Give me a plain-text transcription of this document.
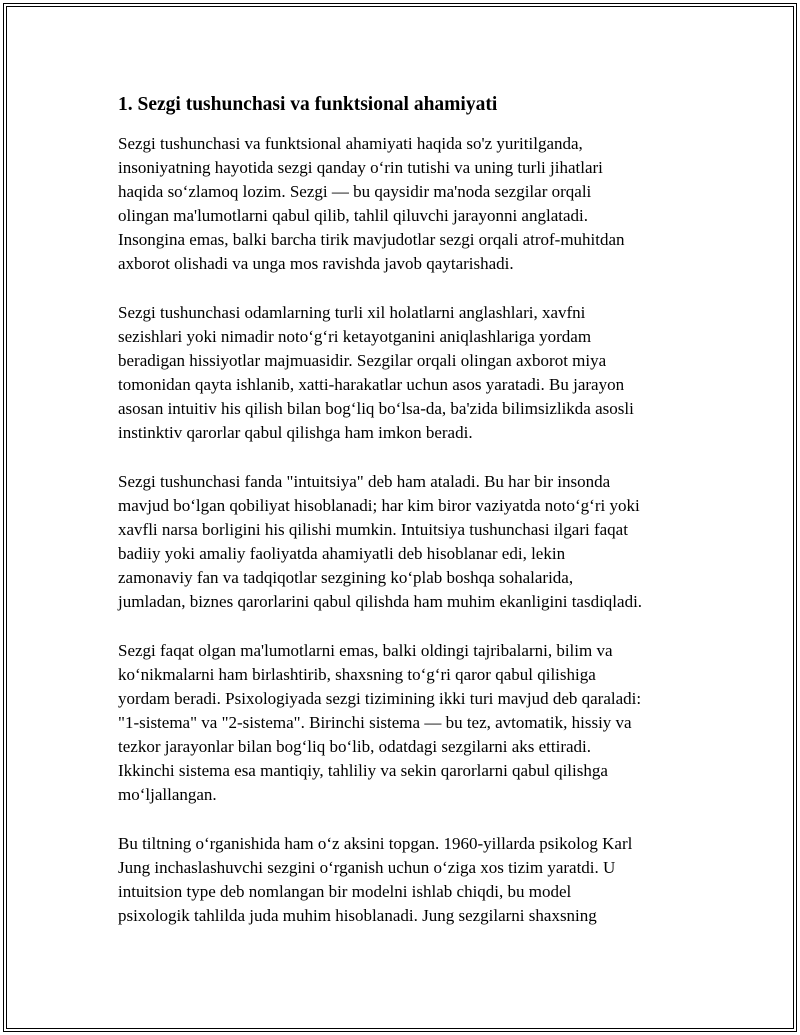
1. Sezgi tushunchasi va funktsional ahamiyati
Sezgi tushunchasi va funktsional ahamiyati haqida so'z yuritilganda,
insoniyatning hayotida sezgi qanday oʻrin tutishi va uning turli jihatlari
haqida soʻzlamoq lozim. Sezgi — bu qaysidir ma'noda sezgilar orqali
olingan ma'lumotlarni qabul qilib, tahlil qiluvchi jarayonni anglatadi.
Insongina emas, balki barcha tirik mavjudotlar sezgi orqali atrof-muhitdan
axborot olishadi va unga mos ravishda javob qaytarishadi.
Sezgi tushunchasi odamlarning turli xil holatlarni anglashlari, xavfni
sezishlari yoki nimadir notoʻgʻri ketayotganini aniqlashlariga yordam
beradigan hissiyotlar majmuasidir. Sezgilar orqali olingan axborot miya
tomonidan qayta ishlanib, xatti-harakatlar uchun asos yaratadi. Bu jarayon
asosan intuitiv his qilish bilan bogʻliq boʻlsa-da, ba'zida bilimsizlikda asosli
instinktiv qarorlar qabul qilishga ham imkon beradi.
Sezgi tushunchasi fanda "intuitsiya" deb ham ataladi. Bu har bir insonda
mavjud boʻlgan qobiliyat hisoblanadi; har kim biror vaziyatda notoʻgʻri yoki
xavfli narsa borligini his qilishi mumkin. Intuitsiya tushunchasi ilgari faqat
badiiy yoki amaliy faoliyatda ahamiyatli deb hisoblanar edi, lekin
zamonaviy fan va tadqiqotlar sezgining koʻplab boshqa sohalarida,
jumladan, biznes qarorlarini qabul qilishda ham muhim ekanligini tasdiqladi.
Sezgi faqat olgan ma'lumotlarni emas, balki oldingi tajribalarni, bilim va
koʻnikmalarni ham birlashtirib, shaxsning toʻgʻri qaror qabul qilishiga
yordam beradi. Psixologiyada sezgi tizimining ikki turi mavjud deb qaraladi:
"1-sistema" va "2-sistema". Birinchi sistema — bu tez, avtomatik, hissiy va
tezkor jarayonlar bilan bogʻliq boʻlib, odatdagi sezgilarni aks ettiradi.
Ikkinchi sistema esa mantiqiy, tahliliy va sekin qarorlarni qabul qilishga
moʻljallangan.
Bu tiltning oʻrganishida ham oʻz aksini topgan. 1960-yillarda psikolog Karl
Jung inchaslashuvchi sezgini oʻrganish uchun oʻziga xos tizim yaratdi. U
intuitsion type deb nomlangan bir modelni ishlab chiqdi, bu model
psixologik tahlilda juda muhim hisoblanadi. Jung sezgilarni shaxsning
